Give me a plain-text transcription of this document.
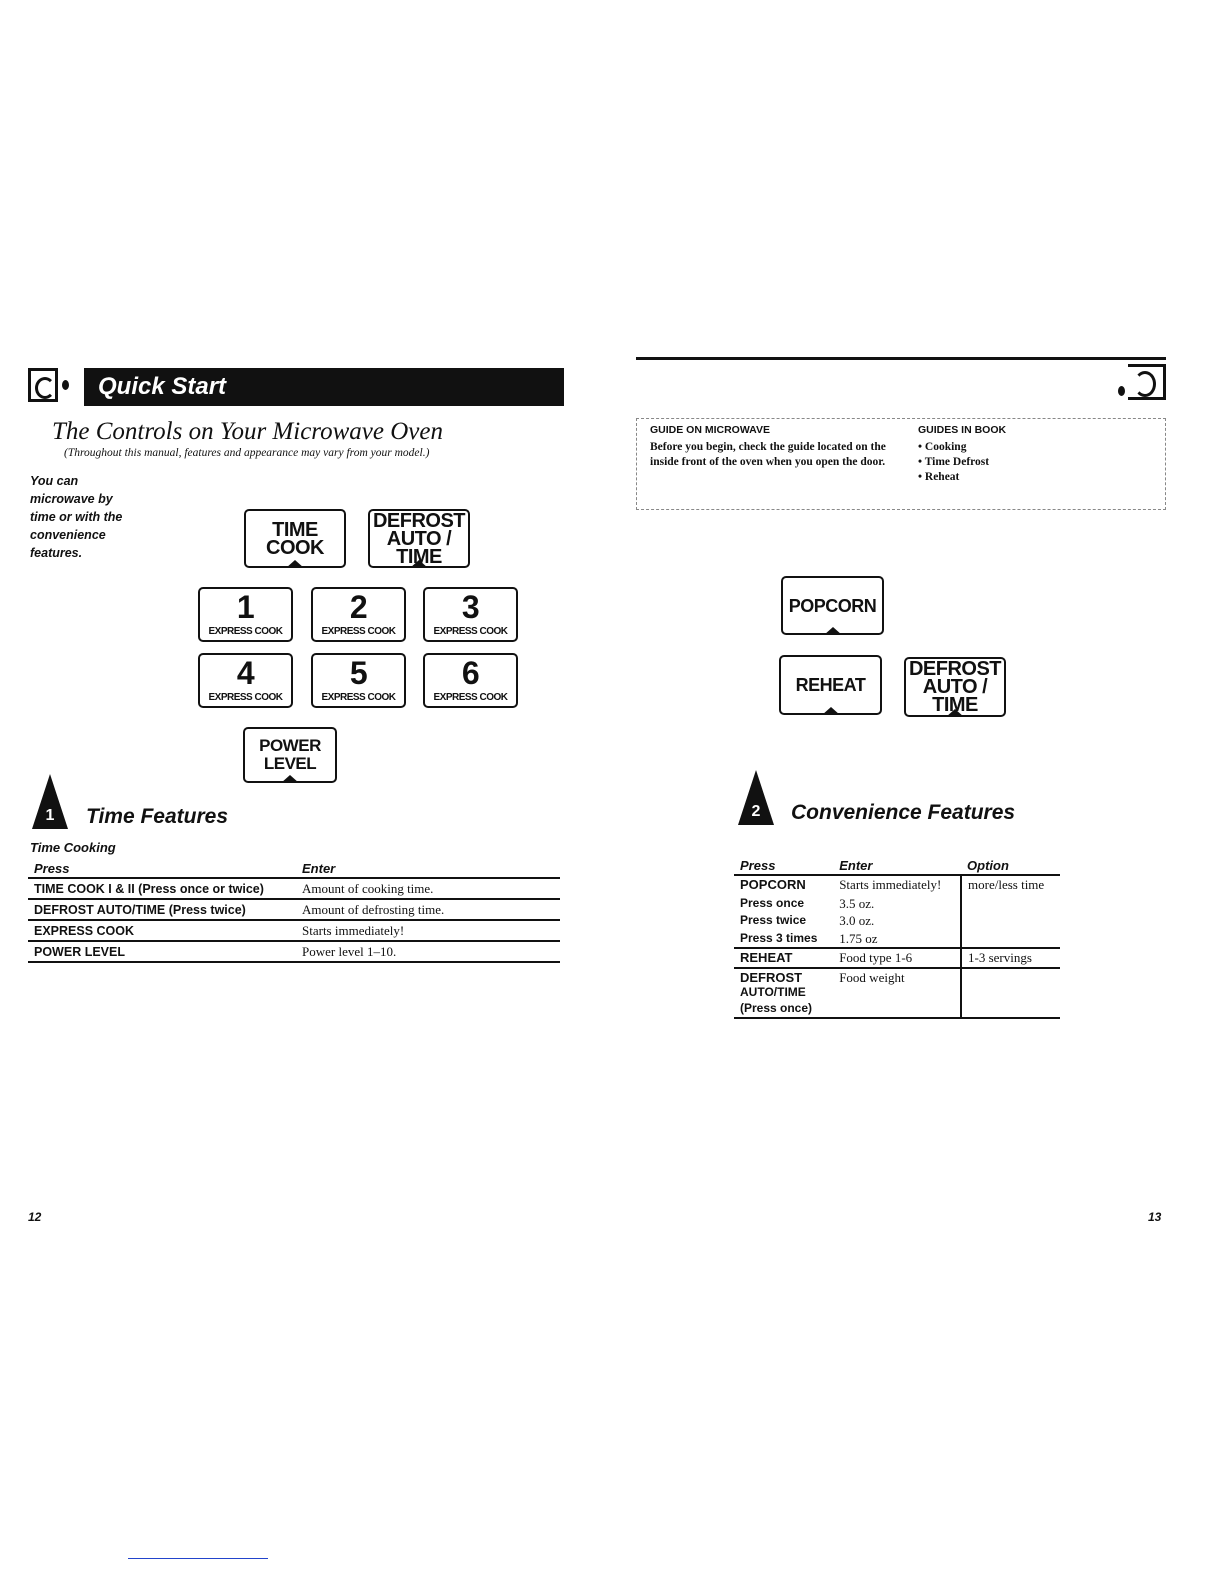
Quick Start
The Controls on Your Microwave Oven
(Throughout this manual, features and appearance may vary from your model.)
You can microwave by time or with the convenience features.
TIME COOK
DEFROST
AUTO / TIME
1
EXPRESS COOK
2
EXPRESS COOK
3
EXPRESS COOK
4
EXPRESS COOK
5
EXPRESS COOK
6
EXPRESS COOK
POWER
LEVEL
1	Time Features
Time Cooking
Press	Enter
TIME COOK I & II (Press once or twice)	Amount of cooking time.
DEFROST AUTO/TIME (Press twice)	Amount of defrosting time.
EXPRESS COOK	Starts immediately!
POWER LEVEL	Power level 1–10.
12
GUIDE ON MICROWAVE
Before you begin, check the guide located on the inside front of the oven when you open the door.
GUIDES IN BOOK
• Cooking
• Time Defrost
• Reheat
POPCORN
REHEAT
DEFROST
AUTO / TIME
2	Convenience Features
Press	Enter	Option
POPCORN	Starts immediately!	more/less time
Press once	3.5 oz.	
Press twice	3.0 oz.	
Press 3 times	1.75 oz	
REHEAT	Food type 1-6	1-3 servings

DEFROST
AUTO/TIME
(Press once)	Food weight	
13
